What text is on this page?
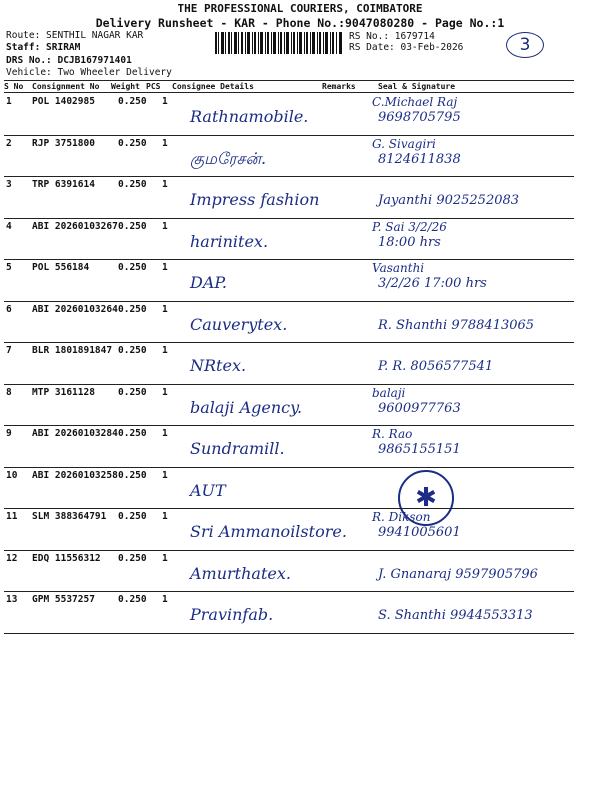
THE PROFESSIONAL COURIERS, COIMBATORE
Delivery Runsheet - KAR - Phone No.:9047080280 - Page No.:1
Route: SENTHIL NAGAR KAR
Staff: SRIRAM
DRS No.: DCJB167971401
Vehicle: Two Wheeler Delivery
RS No.: 1679714
RS Date: 03-Feb-2026	3
S No Consignment No Weight PCS Consignee Details	Remarks	Seal & Signature
1 POL 1402985 0.250 1
Rathnamobile.
C.Michael Raj
9698705795
2 RJP 3751800 0.250 1
குமரேசன்.
G. Sivagiri
8124611838
3 TRP 6391614 0.250 1
Impress fashion	Jayanthi 9025252083
4 ABI 20260103267 0.250 1
harinitex.
P. Sai 3/2/26
18:00 hrs
5 POL 556184	0.250 1
DAP.
Vasanthi
3/2/26 17:00 hrs
6 ABI 20260103264 0.250 1
Cauverytex.	R. Shanthi 9788413065
7 BLR 1801891847 0.250 1
NRtex.	P. R. 8056577541
8 MTP 3161128 0.250 1
balaji Agency.
balaji
9600977763
9 ABI 20260103284 0.250 1
Sundramill.
R. Rao
9865155151
10 ABI 20260103258 0.250 1
AUT	✱
11 SLM 388364791 0.250 1
Sri Ammanoilstore.
R. Dikson
9941005601
12 EDQ 11556312 0.250 1
Amurthatex.	J. Gnanaraj 9597905796
13 GPM 5537257 0.250 1
Pravinfab.	S. Shanthi 9944553313
